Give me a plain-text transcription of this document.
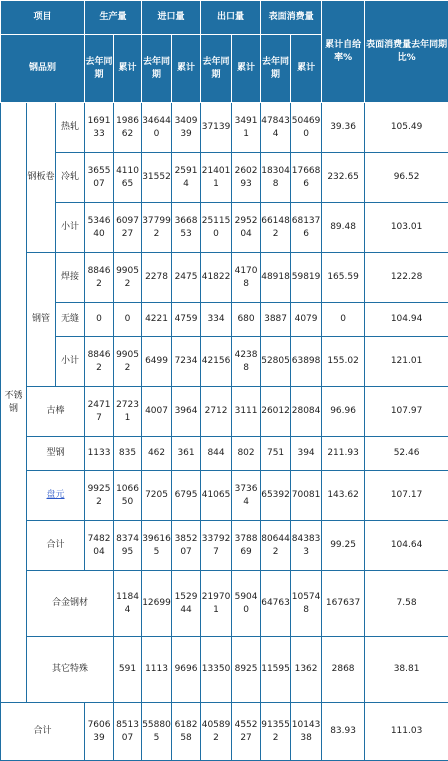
项目			生产量		进口量		出口量		表面消费量		累计自给率%	表面消费量去年同期比%	
钢品别			去年同期	累计	去年同期	累计	去年同期	累计	去年同期	累计			
不锈钢	钢板卷	热轧	169133	198662	346440	340939	37139	34911	478434	504690	39.36	105.49	
		冷轧	365507	411065	31552	25914	214011	260293	183048	176686	232.65	96.52	
		小计	534640	609727	377992	366853	251150	295204	661482	681376	89.48	103.01	
	钢管	焊接	88462	99052	2278	2475	41822	41708	48918	59819	165.59	122.28	
		无缝	0	0	4221	4759	334	680	3887	4079	0	104.94	
		小计	88462	99052	6499	7234	42156	42388	52805	63898	155.02	121.01	
	古棒		24717	27231	4007	3964	2712	3111	26012	28084	96.96	107.97	
	型钢		1133	835	462	361	844	802	751	394	211.93	52.46	
	盘元		99252	106650	7205	6795	41065	37364	65392	70081	143.62	107.17	
	合计		748204	837495	396165	385207	337927	378869	806442	843833	99.25	104.64	
	合金钢材			11844	12699	152944	219701	59040	64763	105748	167637	7.58	
	其它特殊			591	1113	9696	13350	8925	11595	1362	2868	38.81	
合计			760639	851307	558805	618258	405892	455227	913552	1014338	83.93	111.03	
